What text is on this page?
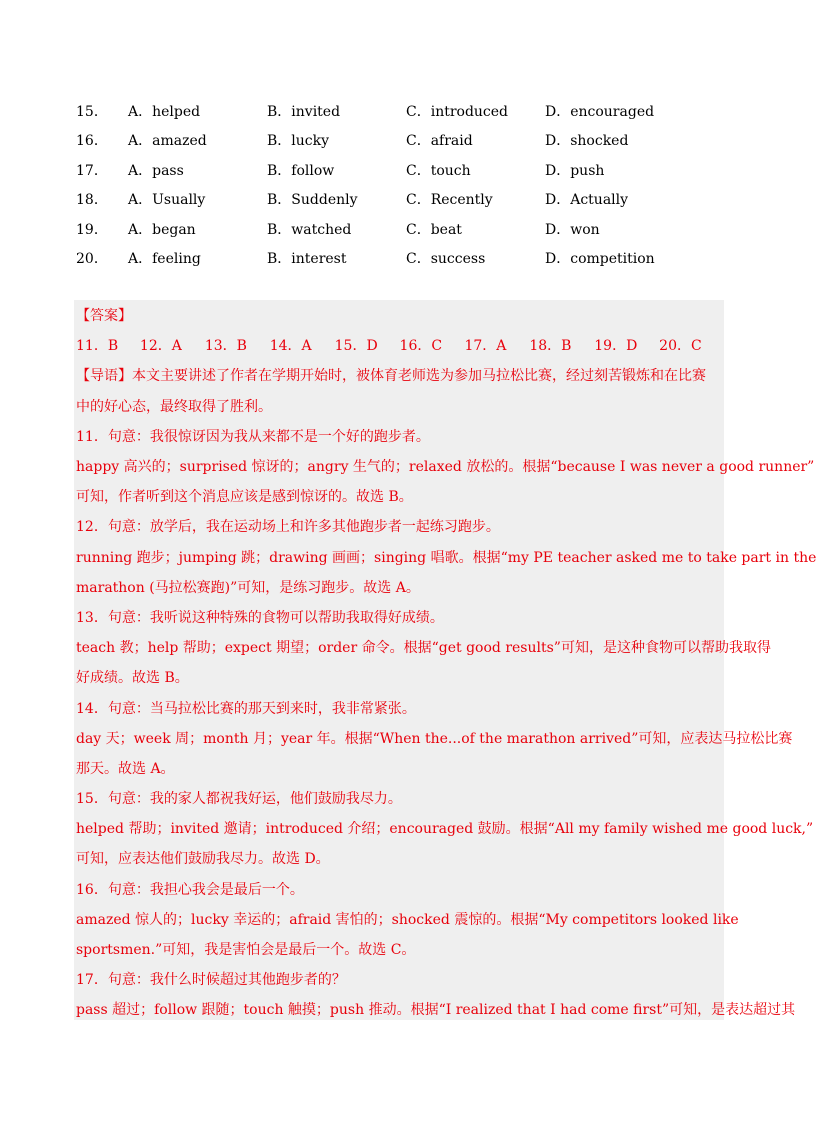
15．	A．helped	B．invited	C．introduced	D．encouraged
16．	A．amazed	B．lucky	C．afraid	D．shocked
17．	A．pass	B．follow	C．touch	D．push
18．	A．Usually	B．Suddenly	C．Recently	D．Actually
19．	A．began	B．watched	C．beat	D．won
20．	A．feeling	B．interest	C．success	D．competition
【答案】
11．B	12．A	13．B	14．A	15．D	16．C	17．A	18．B	19．D	20．C
【导语】本文主要讲述了作者在学期开始时，被体育老师选为参加马拉松比赛，经过刻苦锻炼和在比赛
中的好心态，最终取得了胜利。
11．句意：我很惊讶因为我从来都不是一个好的跑步者。
happy 高兴的；surprised 惊讶的；angry 生气的；relaxed 放松的。根据“because I was never a good runner”
可知，作者听到这个消息应该是感到惊讶的。故选 B。
12．句意：放学后，我在运动场上和许多其他跑步者一起练习跑步。
running 跑步；jumping 跳；drawing 画画；singing 唱歌。根据“my PE teacher asked me to take part in the
marathon (马拉松赛跑)”可知，是练习跑步。故选 A。
13．句意：我听说这种特殊的食物可以帮助我取得好成绩。
teach 教；help 帮助；expect 期望；order 命令。根据“get good results”可知，是这种食物可以帮助我取得
好成绩。故选 B。
14．句意：当马拉松比赛的那天到来时，我非常紧张。
day 天；week 周；month 月；year 年。根据“When the...of the marathon arrived”可知，应表达马拉松比赛
那天。故选 A。
15．句意：我的家人都祝我好运，他们鼓励我尽力。
helped 帮助；invited 邀请；introduced 介绍；encouraged 鼓励。根据“All my family wished me good luck,”
可知，应表达他们鼓励我尽力。故选 D。
16．句意：我担心我会是最后一个。
amazed 惊人的；lucky 幸运的；afraid 害怕的；shocked 震惊的。根据“My competitors looked like
sportsmen.”可知，我是害怕会是最后一个。故选 C。
17．句意：我什么时候超过其他跑步者的？
pass 超过；follow 跟随；touch 触摸；push 推动。根据“I realized that I had come first”可知，是表达超过其
